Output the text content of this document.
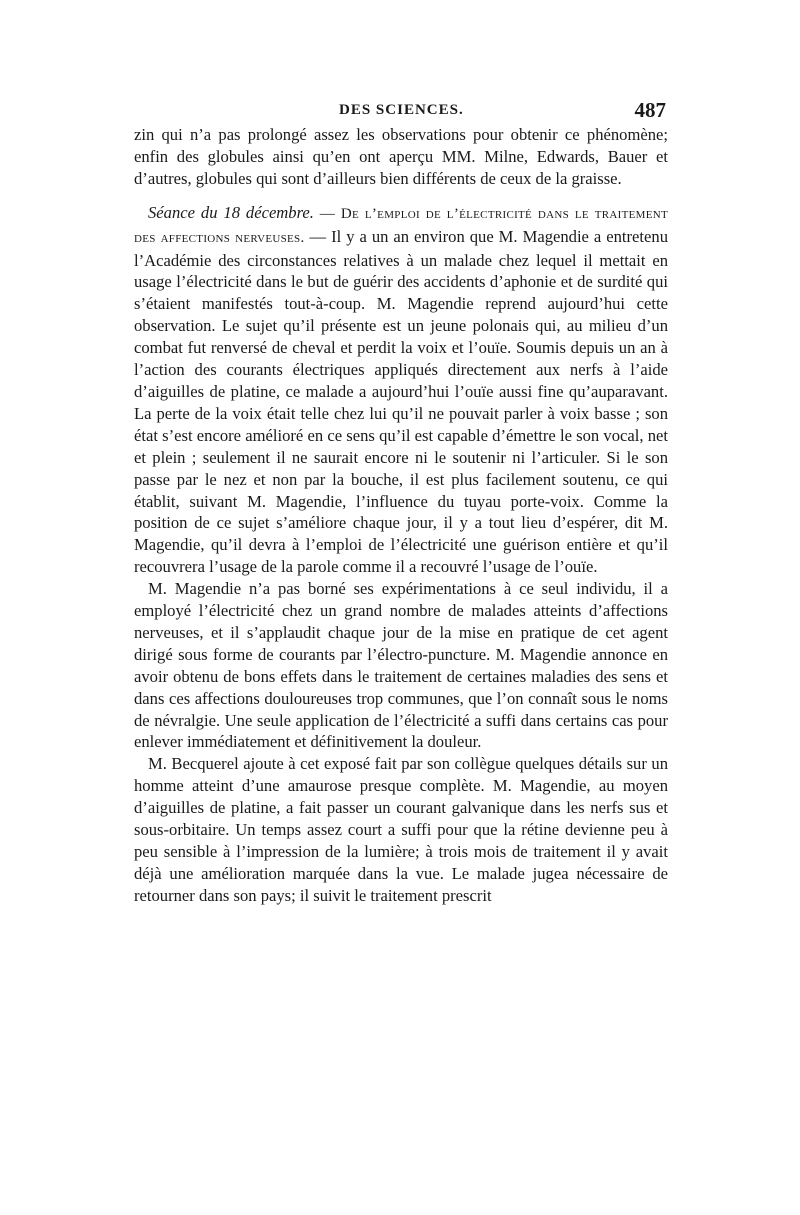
DES SCIENCES.	487

zin qui n’a pas prolongé assez les observations pour obtenir ce phénomène; enfin des globules ainsi qu’en ont aperçu MM. Milne, Edwards, Bauer et d’autres, globules qui sont d’ailleurs bien différents de ceux de la graisse.

Séance du 18 décembre. — De l’emploi de l’électricité dans le traitement des affections nerveuses. — Il y a un an environ que M. Magendie a entretenu l’Académie des circonstances relatives à un malade chez lequel il mettait en usage l’électricité dans le but de guérir des accidents d’aphonie et de surdité qui s’étaient manifestés tout-à-coup. M. Magendie reprend aujourd’hui cette observation. Le sujet qu’il présente est un jeune polonais qui, au milieu d’un combat fut renversé de cheval et perdit la voix et l’ouïe. Soumis depuis un an à l’action des courants électriques appliqués directement aux nerfs à l’aide d’aiguilles de platine, ce malade a aujourd’hui l’ouïe aussi fine qu’auparavant. La perte de la voix était telle chez lui qu’il ne pouvait parler à voix basse ; son état s’est encore amélioré en ce sens qu’il est capable d’émettre le son vocal, net et plein ; seulement il ne saurait encore ni le soutenir ni l’articuler. Si le son passe par le nez et non par la bouche, il est plus facilement soutenu, ce qui établit, suivant M. Magendie, l’influence du tuyau porte-voix. Comme la position de ce sujet s’améliore chaque jour, il y a tout lieu d’espérer, dit M. Magendie, qu’il devra à l’emploi de l’électricité une guérison entière et qu’il recouvrera l’usage de la parole comme il a recouvré l’usage de l’ouïe.

M. Magendie n’a pas borné ses expérimentations à ce seul individu, il a employé l’électricité chez un grand nombre de malades atteints d’affections nerveuses, et il s’applaudit chaque jour de la mise en pratique de cet agent dirigé sous forme de courants par l’électro-puncture. M. Magendie annonce en avoir obtenu de bons effets dans le traitement de certaines maladies des sens et dans ces affections douloureuses trop communes, que l’on connaît sous le noms de névralgie. Une seule application de l’électricité a suffi dans certains cas pour enlever immédiatement et définitivement la douleur.

M. Becquerel ajoute à cet exposé fait par son collègue quelques détails sur un homme atteint d’une amaurose presque complète. M. Magendie, au moyen d’aiguilles de platine, a fait passer un courant galvanique dans les nerfs sus et sous-orbitaire. Un temps assez court a suffi pour que la rétine devienne peu à peu sensible à l’impression de la lumière; à trois mois de traitement il y avait déjà une amélioration marquée dans la vue. Le malade jugea nécessaire de retourner dans son pays; il suivit le traitement prescrit
